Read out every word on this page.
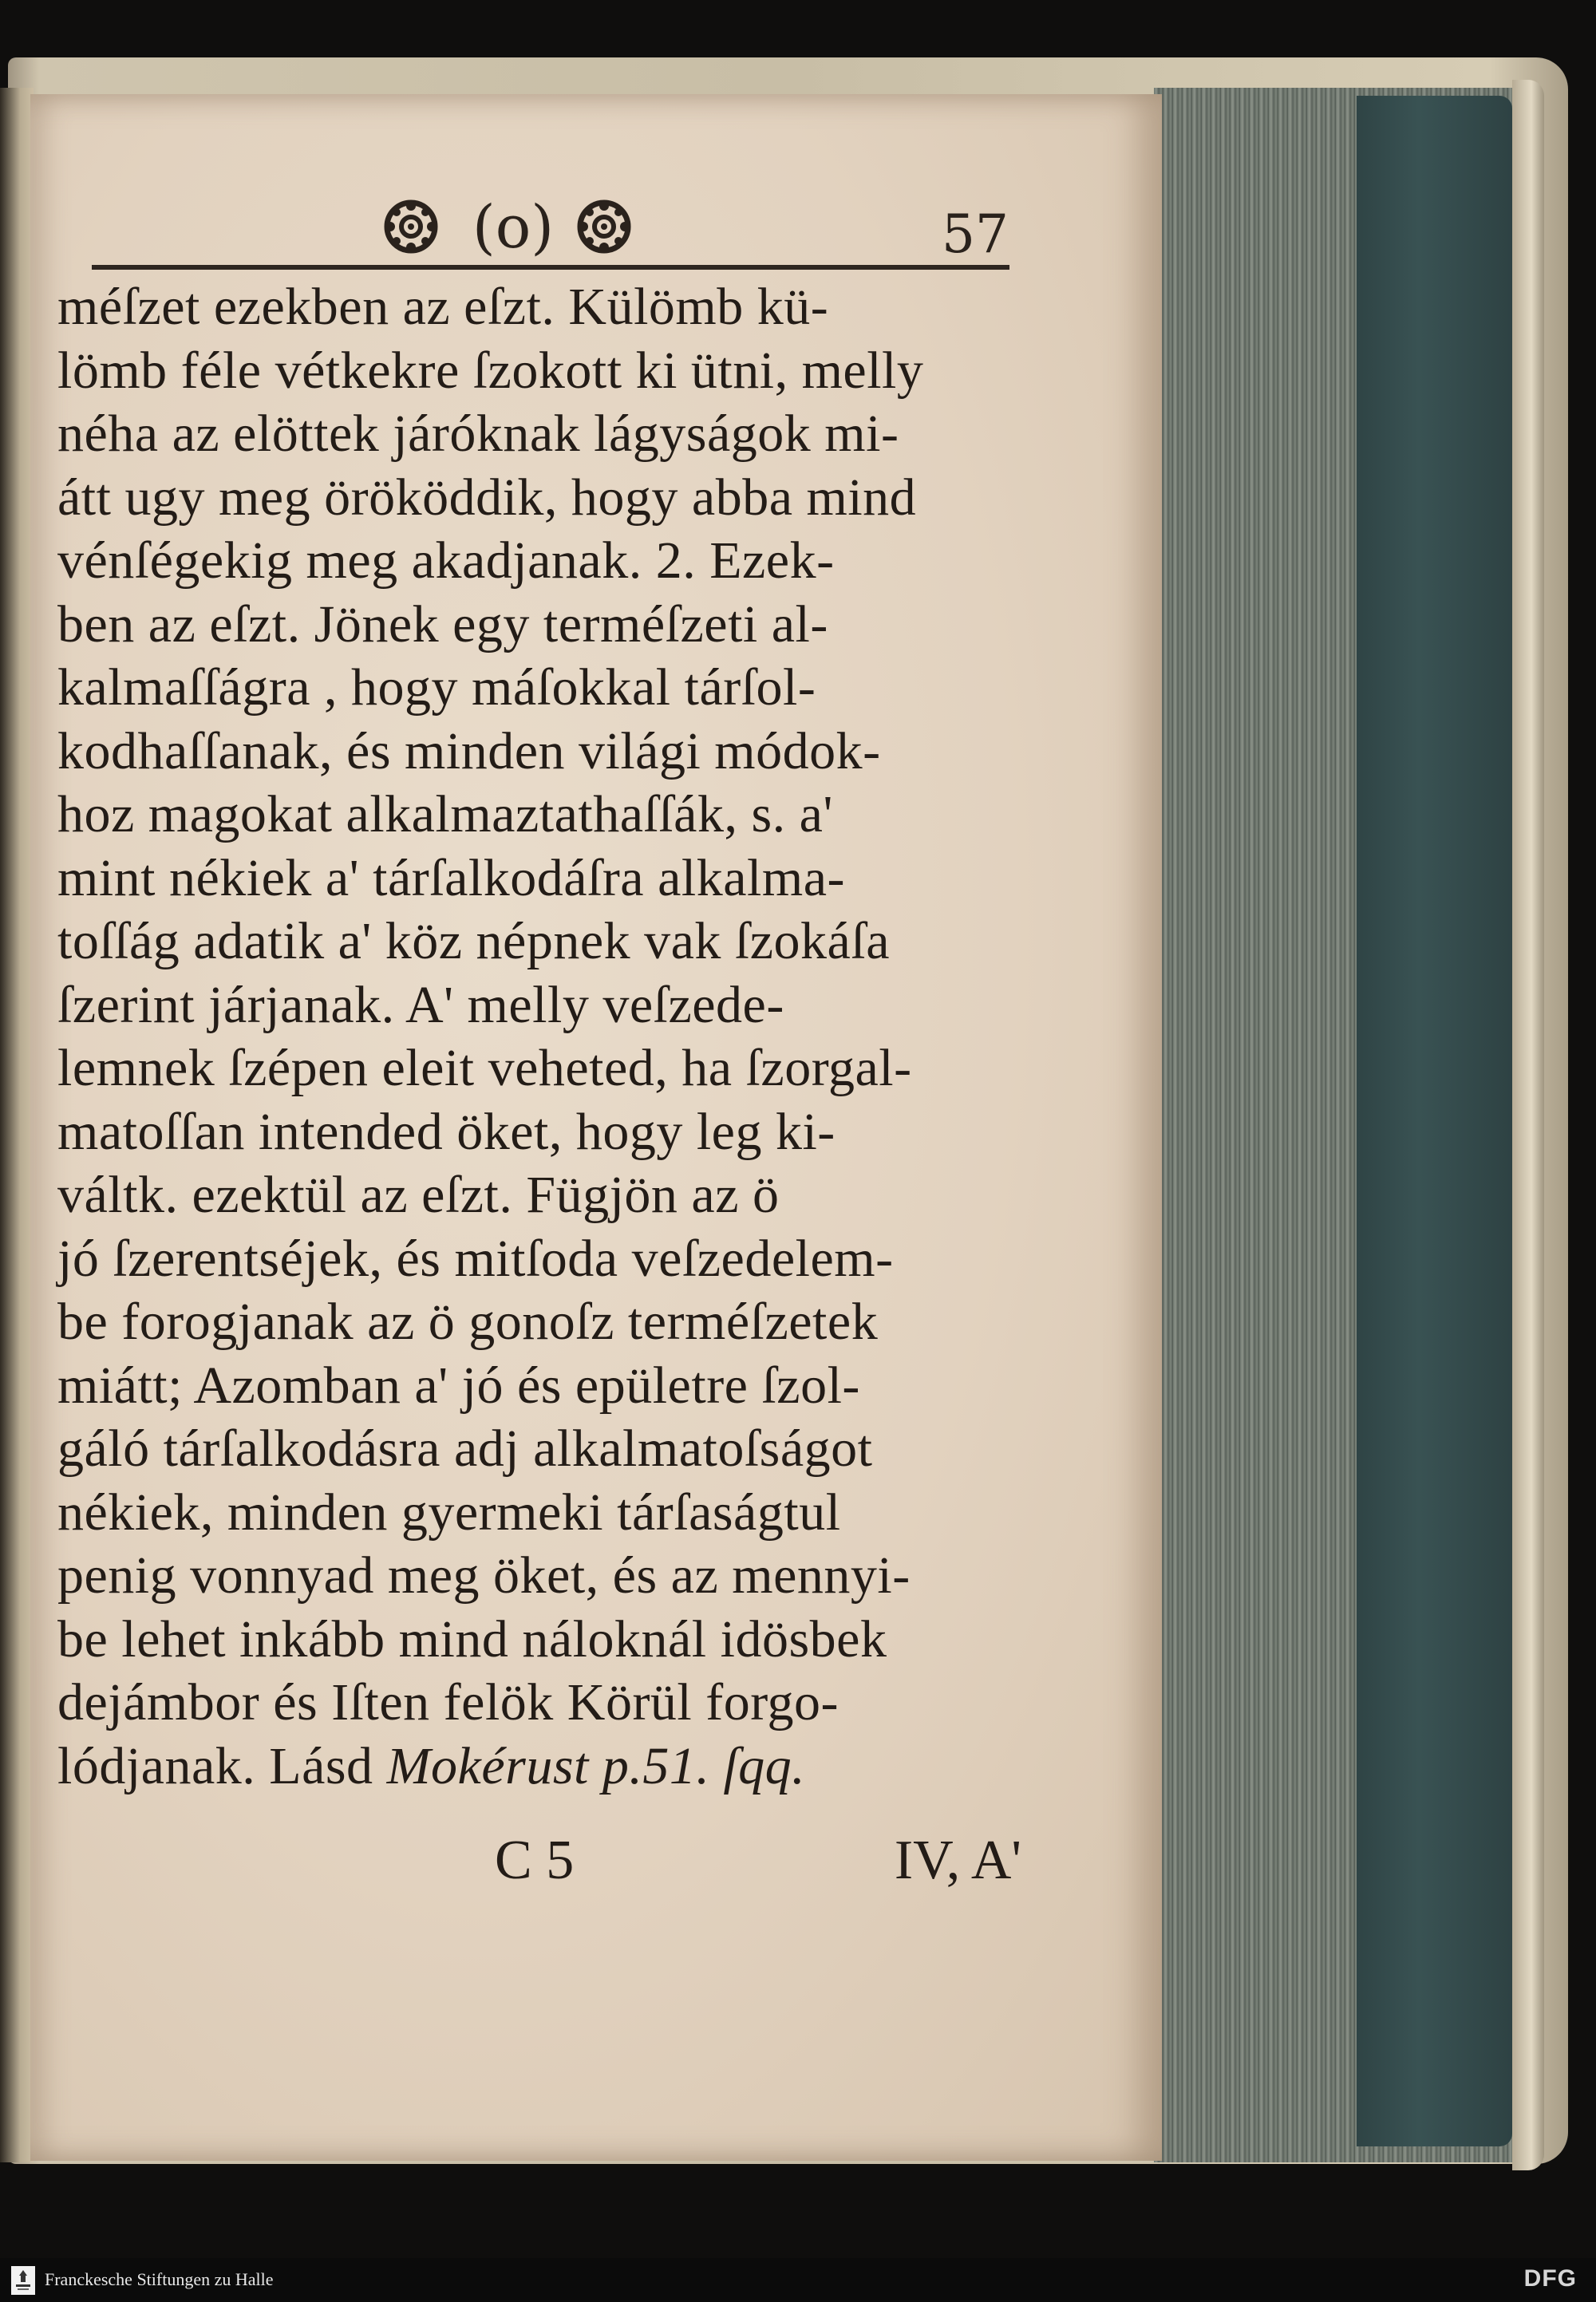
(o)	57
méſzet ezekben az eſzt. Külömb kü-
lömb féle vétkekre ſzokott ki ütni, melly
néha az elöttek járóknak lágyságok mi-
átt ugy meg örököddik, hogy abba mind
vénſégekig meg akadjanak. 2. Ezek-
ben az eſzt. Jönek egy terméſzeti al-
kalmaſſágra , hogy máſokkal tárſol-
kodhaſſanak, és minden világi módok-
hoz magokat alkalmaztathaſſák, s. a'
mint nékiek a' tárſalkodáſra alkalma-
toſſág adatik a' köz népnek vak ſzokáſa
ſzerint járjanak. A' melly veſzede-
lemnek ſzépen eleit veheted, ha ſzorgal-
matoſſan intended öket, hogy leg ki-
váltk. ezektül az eſzt. Fügjön az ö
jó ſzerentséjek, és mitſoda veſzedelem-
be forogjanak az ö gonoſz terméſzetek
miátt; Azomban a' jó és epületre ſzol-
gáló tárſalkodásra adj alkalmatoſságot
nékiek, minden gyermeki tárſaságtul
penig vonnyad meg öket, és az mennyi-
be lehet inkább mind náloknál idösbek
dejámbor és Iſten felök Körül forgo-
lódjanak. Lásd Mokérust p.51. ſqq.
C 5	IV, A'
Franckesche Stiftungen zu Halle	DFG
